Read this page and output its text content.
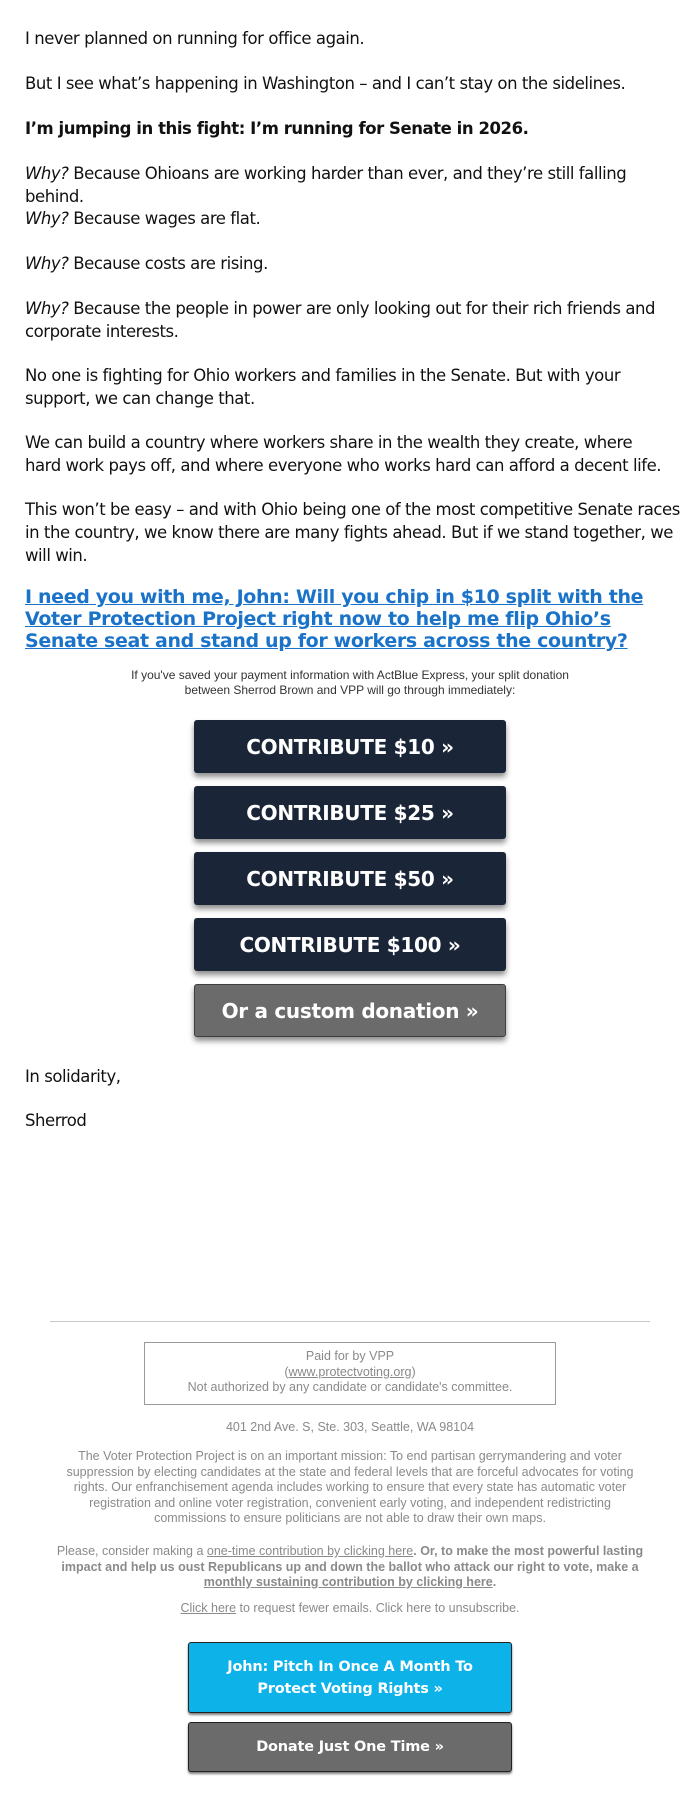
I never planned on running for office again.

But I see what’s happening in Washington – and I can’t stay on the sidelines.

I’m jumping in this fight: I’m running for Senate in 2026.

Why? Because Ohioans are working harder than ever, and they’re still falling behind.

Why? Because wages are flat.

Why? Because costs are rising.

Why? Because the people in power are only looking out for their rich friends and corporate interests.

No one is fighting for Ohio workers and families in the Senate. But with your support, we can change that.

We can build a country where workers share in the wealth they create, where hard work pays off, and where everyone who works hard can afford a decent life.

This won’t be easy – and with Ohio being one of the most competitive Senate races in the country, we know there are many fights ahead. But if we stand together, we will win.

I need you with me, John: Will you chip in $10 split with the Voter Protection Project right now to help me flip Ohio’s Senate seat and stand up for workers across the country?
If you've saved your payment information with ActBlue Express, your split donation between Sherrod Brown and VPP will go through immediately:
CONTRIBUTE $10 »
CONTRIBUTE $25 »
CONTRIBUTE $50 »
CONTRIBUTE $100 »
Or a custom donation »

In solidarity,

Sherrod

Paid for by VPP
(www.protectvoting.org)
Not authorized by any candidate or candidate's committee.
401 2nd Ave. S, Ste. 303, Seattle, WA 98104
The Voter Protection Project is on an important mission: To end partisan gerrymandering and voter suppression by electing candidates at the state and federal levels that are forceful advocates for voting rights. Our enfranchisement agenda includes working to ensure that every state has automatic voter registration and online voter registration, convenient early voting, and independent redistricting commissions to ensure politicians are not able to draw their own maps.
Please, consider making a one-time contribution by clicking here. Or, to make the most powerful lasting impact and help us oust Republicans up and down the ballot who attack our right to vote, make a monthly sustaining contribution by clicking here.
Click here to request fewer emails. Click here to unsubscribe.
John: Pitch In Once A Month To Protect Voting Rights »
Donate Just One Time »
